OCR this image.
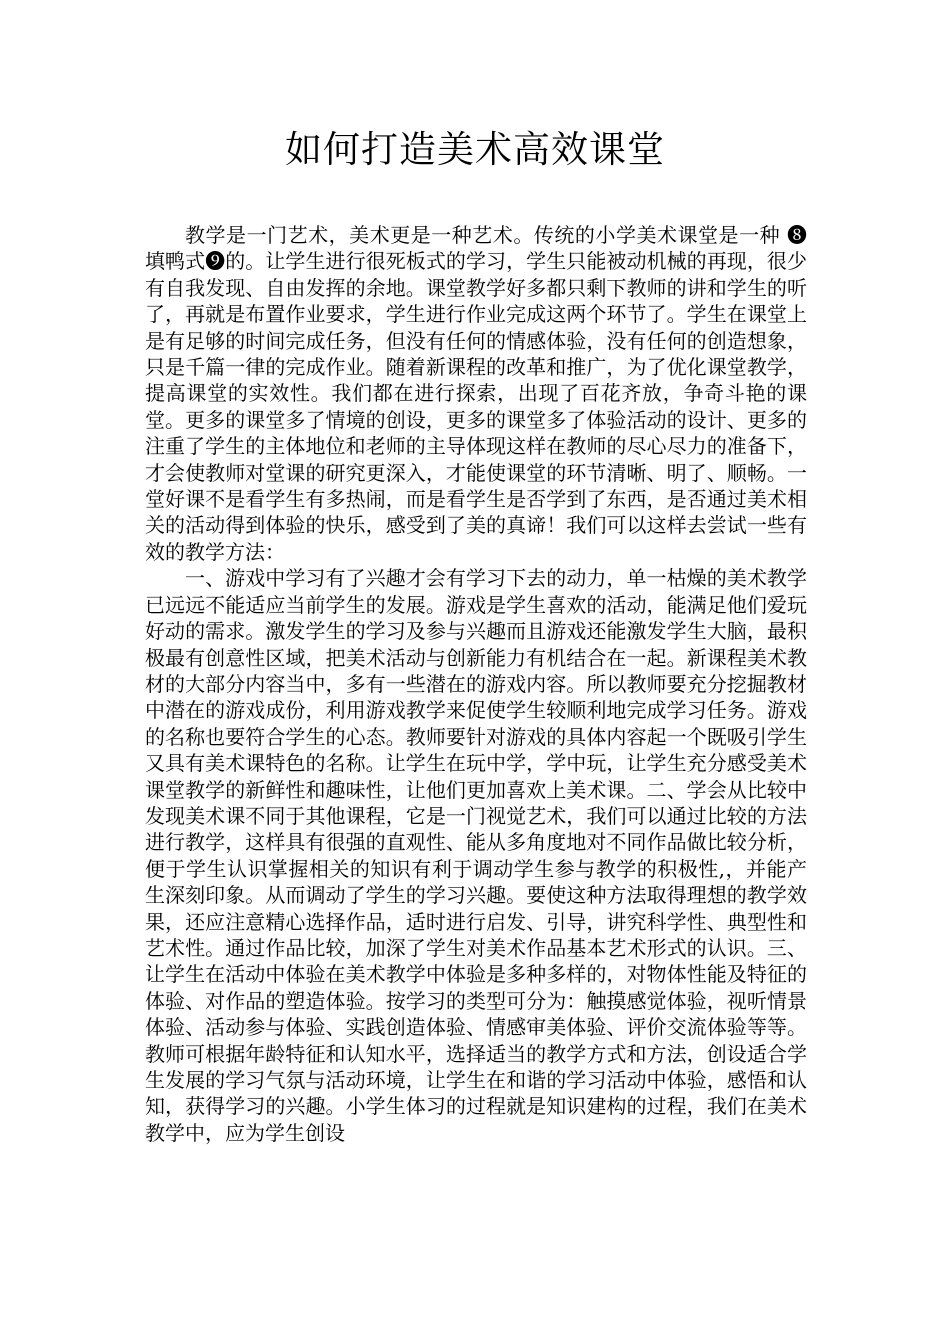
如何打造美术高效课堂

教学是一门艺术，美术更是一种艺术。传统的小学美术课堂是一种 ❽填鸭式❾的。让学生进行很死板式的学习，学生只能被动机械的再现，很少有自我发现、自由发挥的余地。课堂教学好多都只剩下教师的讲和学生的听了，再就是布置作业要求，学生进行作业完成这两个环节了。学生在课堂上是有足够的时间完成任务，但没有任何的情感体验，没有任何的创造想象，只是千篇一律的完成作业。随着新课程的改革和推广，为了优化课堂教学，提高课堂的实效性。我们都在进行探索，出现了百花齐放，争奇斗艳的课堂。更多的课堂多了情境的创设，更多的课堂多了体验活动的设计、更多的注重了学生的主体地位和老师的主导体现这样在教师的尽心尽力的准备下，才会使教师对堂课的研究更深入，才能使课堂的环节清晰、明了、顺畅。一堂好课不是看学生有多热闹，而是看学生是否学到了东西，是否通过美术相关的活动得到体验的快乐，感受到了美的真谛！我们可以这样去尝试一些有效的教学方法：

一、游戏中学习有了兴趣才会有学习下去的动力，单一枯燥的美术教学已远远不能适应当前学生的发展。游戏是学生喜欢的活动，能满足他们爱玩好动的需求。激发学生的学习及参与兴趣而且游戏还能激发学生大脑，最积极最有创意性区域，把美术活动与创新能力有机结合在一起。新课程美术教材的大部分内容当中，多有一些潜在的游戏内容。所以教师要充分挖掘教材中潜在的游戏成份，利用游戏教学来促使学生较顺利地完成学习任务。游戏的名称也要符合学生的心态。教师要针对游戏的具体内容起一个既吸引学生又具有美术课特色的名称。让学生在玩中学，学中玩，让学生充分感受美术课堂教学的新鲜性和趣味性，让他们更加喜欢上美术课。二、学会从比较中发现美术课不同于其他课程，它是一门视觉艺术，我们可以通过比较的方法进行教学，这样具有很强的直观性、能从多角度地对不同作品做比较分析，便于学生认识掌握相关的知识有利于调动学生参与教学的积极性,，并能产生深刻印象。从而调动了学生的学习兴趣。要使这种方法取得理想的教学效果，还应注意精心选择作品，适时进行启发、引导，讲究科学性、典型性和艺术性。通过作品比较，加深了学生对美术作品基本艺术形式的认识。三、让学生在活动中体验在美术教学中体验是多种多样的，对物体性能及特征的体验、对作品的塑造体验。按学习的类型可分为：触摸感觉体验，视听情景体验、活动参与体验、实践创造体验、情感审美体验、评价交流体验等等。教师可根据年龄特征和认知水平，选择适当的教学方式和方法，创设适合学生发展的学习气氛与活动环境，让学生在和谐的学习活动中体验，感悟和认知，获得学习的兴趣。小学生体习的过程就是知识建构的过程，我们在美术教学中，应为学生创设
